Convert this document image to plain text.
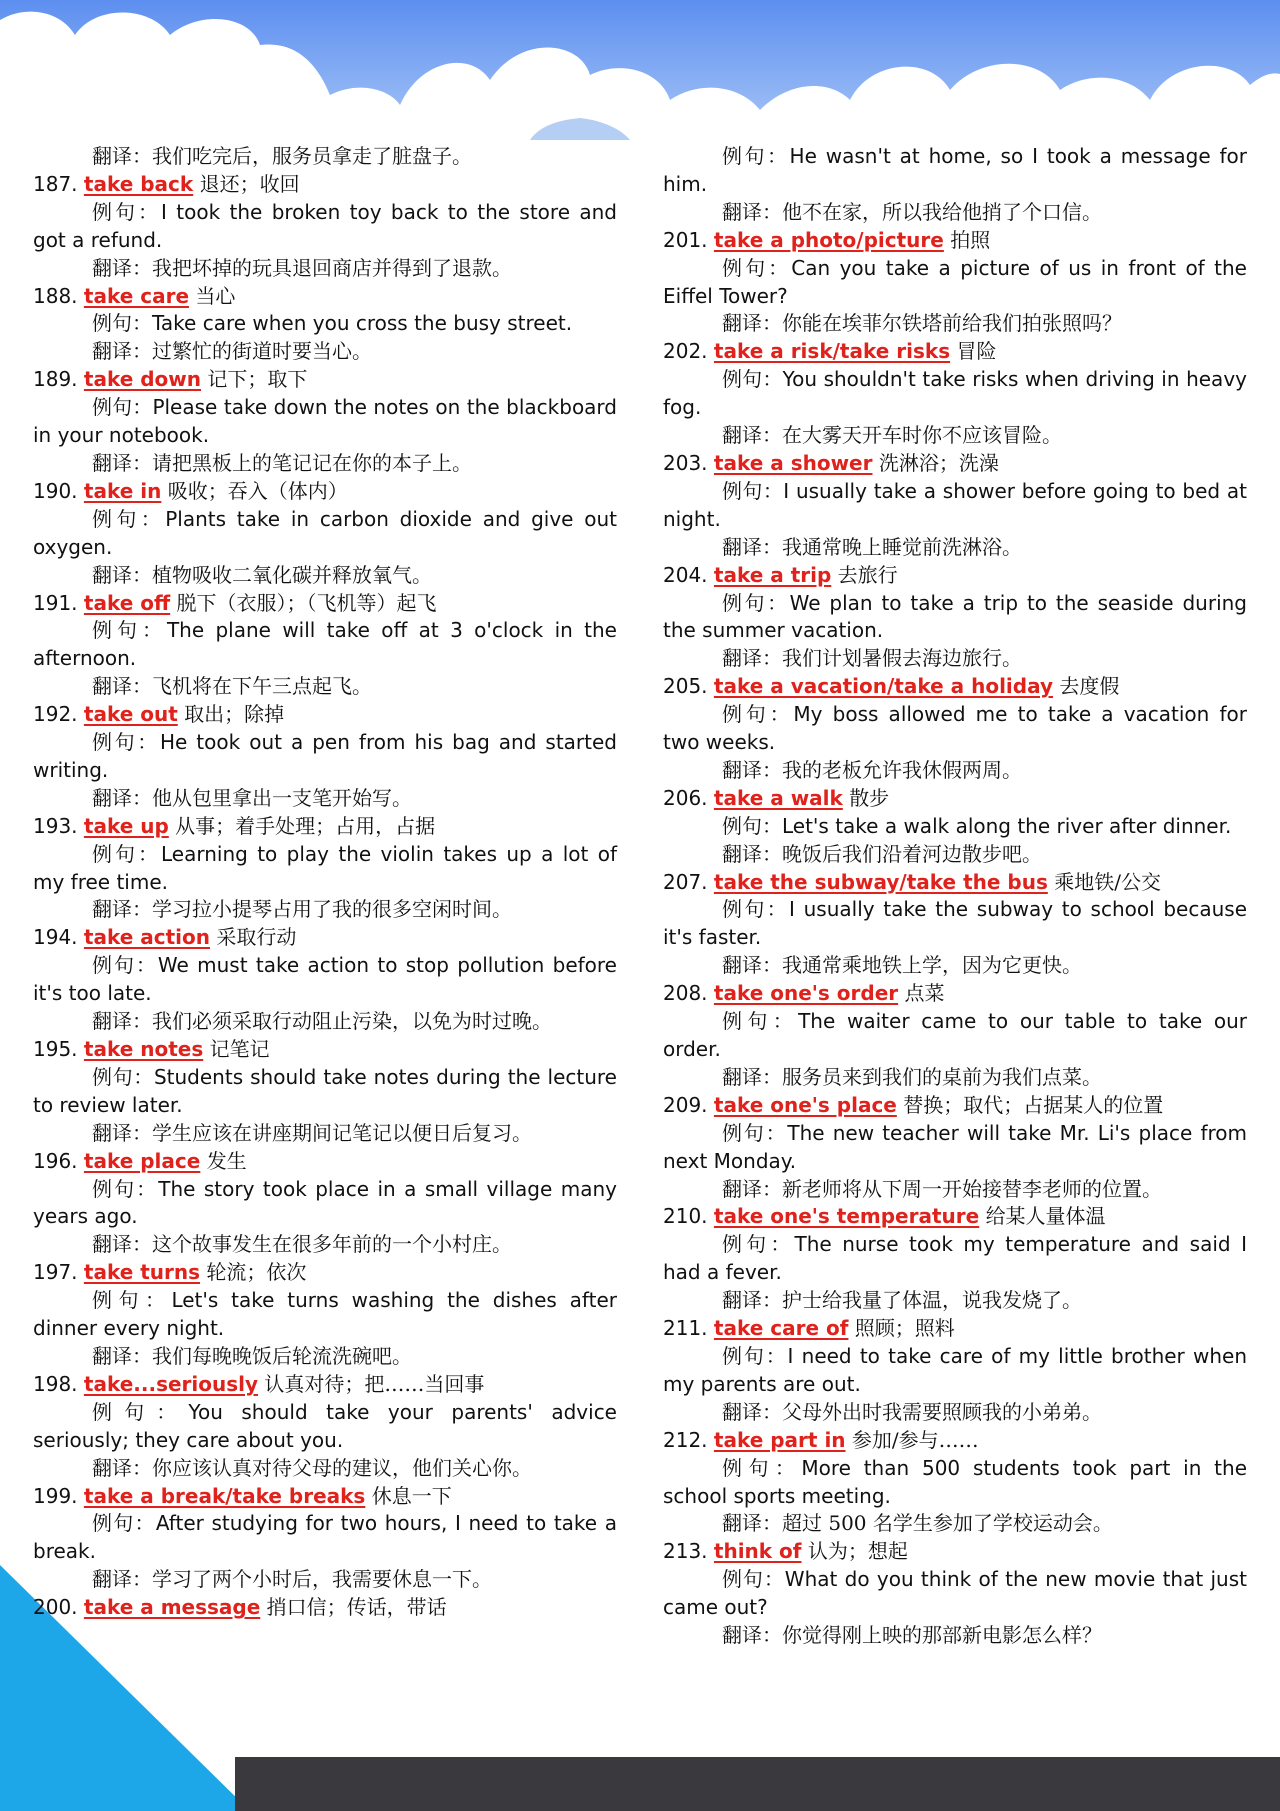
翻译：我们吃完后，服务员拿走了脏盘子。

187. take back 退还；收回

例句：I took the broken toy back to the store and got a refund.

翻译：我把坏掉的玩具退回商店并得到了退款。

188. take care 当心

例句：Take care when you cross the busy street.

翻译：过繁忙的街道时要当心。

189. take down 记下；取下

例句：Please take down the notes on the blackboard in your notebook.

翻译：请把黑板上的笔记记在你的本子上。

190. take in 吸收；吞入（体内）

例句：Plants take in carbon dioxide and give out oxygen.

翻译：植物吸收二氧化碳并释放氧气。

191. take off 脱下（衣服）；（飞机等）起飞

例句：The plane will take off at 3 o'clock in the afternoon.

翻译：飞机将在下午三点起飞。

192. take out 取出；除掉

例句：He took out a pen from his bag and started writing.

翻译：他从包里拿出一支笔开始写。

193. take up 从事；着手处理；占用，占据

例句：Learning to play the violin takes up a lot of my free time.

翻译：学习拉小提琴占用了我的很多空闲时间。

194. take action 采取行动

例句：We must take action to stop pollution before it's too late.

翻译：我们必须采取行动阻止污染，以免为时过晚。

195. take notes 记笔记

例句：Students should take notes during the lecture to review later.

翻译：学生应该在讲座期间记笔记以便日后复习。

196. take place 发生

例句：The story took place in a small village many years ago.

翻译：这个故事发生在很多年前的一个小村庄。

197. take turns 轮流；依次

例句：Let's take turns washing the dishes after dinner every night.

翻译：我们每晚晚饭后轮流洗碗吧。

198. take...seriously 认真对待；把……当回事

例句：You should take your parents' advice seriously; they care about you.

翻译：你应该认真对待父母的建议，他们关心你。

199. take a break/take breaks 休息一下

例句：After studying for two hours, I need to take a break.

翻译：学习了两个小时后，我需要休息一下。

200. take a message 捎口信；传话，带话

例句：He wasn't at home, so I took a message for him.

翻译：他不在家，所以我给他捎了个口信。

201. take a photo/picture 拍照

例句：Can you take a picture of us in front of the Eiffel Tower?

翻译：你能在埃菲尔铁塔前给我们拍张照吗？

202. take a risk/take risks 冒险

例句：You shouldn't take risks when driving in heavy fog.

翻译：在大雾天开车时你不应该冒险。

203. take a shower 洗淋浴；洗澡

例句：I usually take a shower before going to bed at night.

翻译：我通常晚上睡觉前洗淋浴。

204. take a trip 去旅行

例句：We plan to take a trip to the seaside during the summer vacation.

翻译：我们计划暑假去海边旅行。

205. take a vacation/take a holiday 去度假

例句：My boss allowed me to take a vacation for two weeks.

翻译：我的老板允许我休假两周。

206. take a walk 散步

例句：Let's take a walk along the river after dinner.

翻译：晚饭后我们沿着河边散步吧。

207. take the subway/take the bus 乘地铁/公交

例句：I usually take the subway to school because it's faster.

翻译：我通常乘地铁上学，因为它更快。

208. take one's order 点菜

例句：The waiter came to our table to take our order.

翻译：服务员来到我们的桌前为我们点菜。

209. take one's place 替换；取代；占据某人的位置

例句：The new teacher will take Mr. Li's place from next Monday.

翻译：新老师将从下周一开始接替李老师的位置。

210. take one's temperature 给某人量体温

例句：The nurse took my temperature and said I had a fever.

翻译：护士给我量了体温，说我发烧了。

211. take care of 照顾；照料

例句：I need to take care of my little brother when my parents are out.

翻译：父母外出时我需要照顾我的小弟弟。

212. take part in 参加/参与……

例句：More than 500 students took part in the school sports meeting.

翻译：超过 500 名学生参加了学校运动会。

213. think of 认为；想起

例句：What do you think of the new movie that just came out?

翻译：你觉得刚上映的那部新电影怎么样？
